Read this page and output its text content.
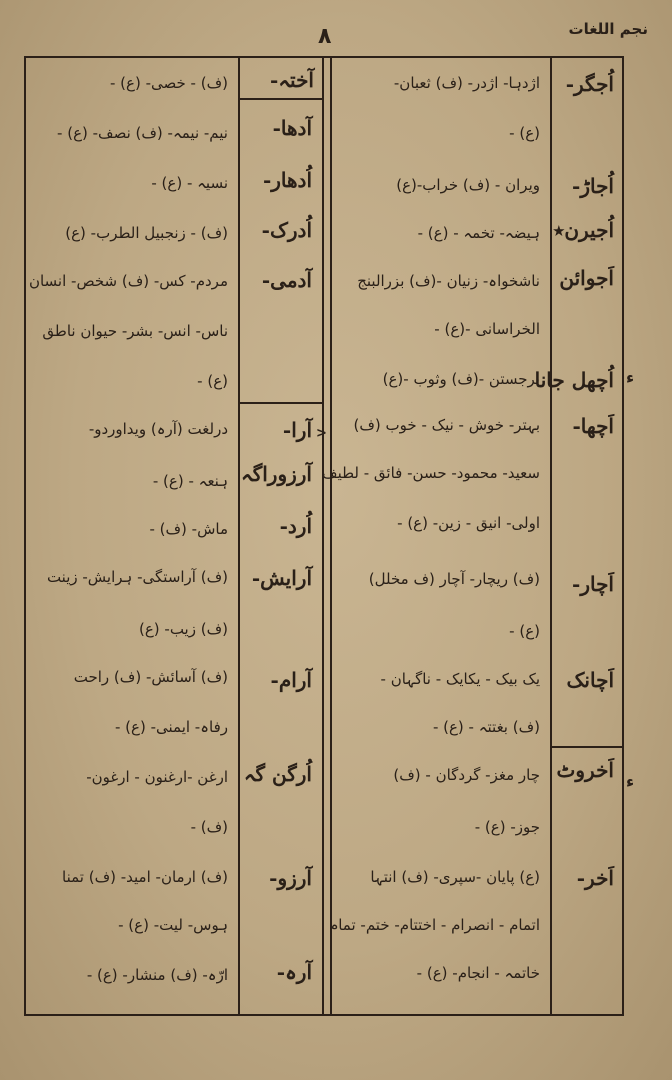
نجم اللغات
۸
اُجگر-
اُجاڑ-
اُجیرن٭
اَجوائن
اُچھل جانا
اَچھا-
اَچار-
اَچانک
اَخروٹ
اَخر-
اژدہا- اژدر- (ف) ثعبان-
(ع) -
ویران - (ف) خراب-(ع)
ہیضہ- تخمہ - (ع) -
ناشخواہ- زنیان -(ف) بزرالبنج
الخراسانی -(ع) -
برجستن -(ف) وثوب -(ع)
بہتر- خوش - نیک - خوب (ف)
سعید- محمود- حسن- فائق - لطیف
اولی- انیق - زین- (ع) -
(ف) ریچار- آچار (ف مخلل)
(ع) -
یک بیک - یکایک - ناگہان -
(ف) بغتتہ - (ع) -
چار مغز- گردگان - (ف)
جوز- (ع) -
(ع) پایان -سپری- (ف) انتہا
اتمام - انصرام - اختتام- ختم- تمام
خاتمہ - انجام- (ع) -
آختہ-
آدھا-
اُدھار-
اُدرک-
آدمی-
آرا-
آرزوراگہ
اُرد-
آرایش-
آرام-
اُرگن گہ
آرزو-
آرہ-
(ف) - خصی- (ع) -
نیم- نیمہ- (ف) نصف- (ع) -
نسیہ - (ع) -
(ف) - زنجبیل الطرب- (ع)
مردم- کس- (ف) شخص- انسان
ناس- انس- بشر- حیوان ناطق
(ع) -
درلغت (آرہ) ویداوردو-
ہنعہ - (ع) -
ماش- (ف) -
(ف) آراستگی- ہرایش- زینت
(ف) زیب- (ع)
(ف) آسائش- (ف) راحت
رفاہ- ایمنی- (ع) -
ارغن -ارغنون - ارغون-
(ف) -
(ف) ارمان- امید- (ف) تمنا
ہوس- لیت- (ع) -
ارّہ- (ف) منشار- (ع) -
ء
ء
>
